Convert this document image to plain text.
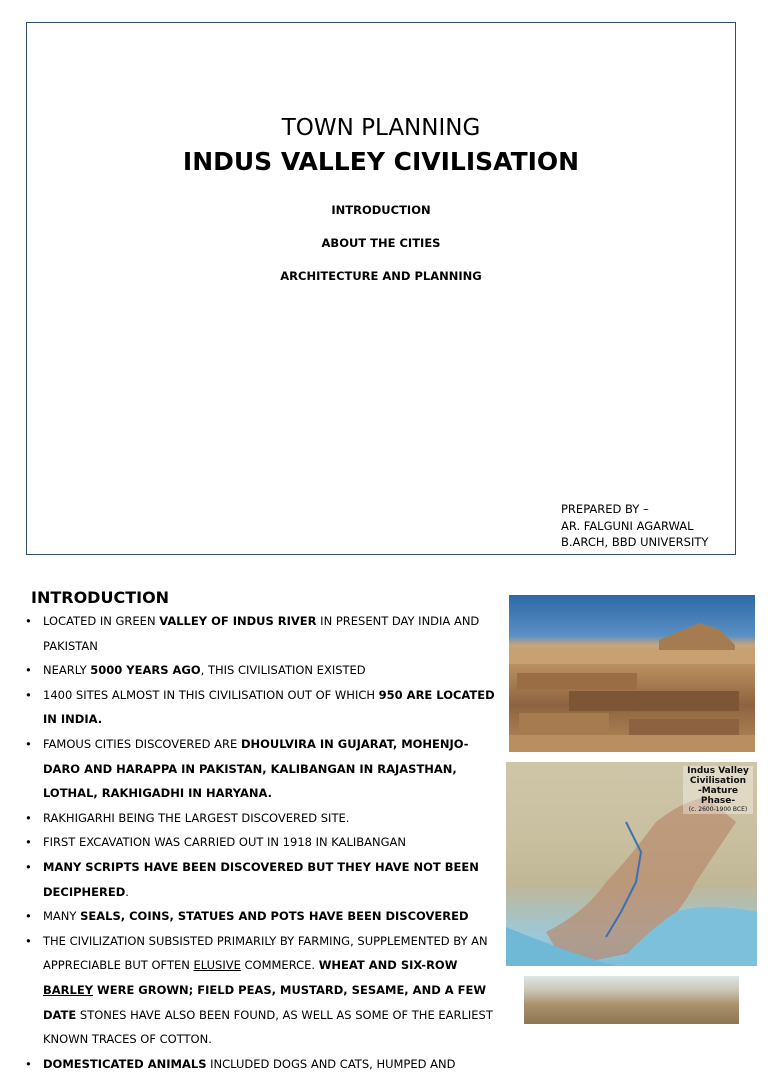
TOWN PLANNING
INDUS VALLEY CIVILISATION
INTRODUCTION
ABOUT THE CITIES
ARCHITECTURE AND PLANNING
PREPARED BY –
AR. FALGUNI AGARWAL
B.ARCH, BBD UNIVERSITY
INTRODUCTION
• LOCATED IN GREEN VALLEY OF INDUS RIVER IN PRESENT DAY INDIA AND PAKISTAN
• NEARLY 5000 YEARS AGO, THIS CIVILISATION EXISTED
• 1400 SITES ALMOST IN THIS CIVILISATION OUT OF WHICH 950 ARE LOCATED IN INDIA.
• FAMOUS CITIES DISCOVERED ARE DHOULVIRA IN GUJARAT, MOHENJO-DARO AND HARAPPA IN PAKISTAN, KALIBANGAN IN RAJASTHAN, LOTHAL, RAKHIGADHI IN HARYANA.
• RAKHIGARHI BEING THE LARGEST DISCOVERED SITE.
• FIRST EXCAVATION WAS CARRIED OUT IN 1918 IN KALIBANGAN
• MANY SCRIPTS HAVE BEEN DISCOVERED BUT THEY HAVE NOT BEEN DECIPHERED.
• MANY SEALS, COINS, STATUES AND POTS HAVE BEEN DISCOVERED
• THE CIVILIZATION SUBSISTED PRIMARILY BY FARMING, SUPPLEMENTED BY AN APPRECIABLE BUT OFTEN ELUSIVE COMMERCE. WHEAT AND SIX-ROW BARLEY WERE GROWN; FIELD PEAS, MUSTARD, SESAME, AND A FEW DATE STONES HAVE ALSO BEEN FOUND, AS WELL AS SOME OF THE EARLIEST KNOWN TRACES OF COTTON.
• DOMESTICATED ANIMALS INCLUDED DOGS AND CATS, HUMPED AND
Indus Valley Civilisation
-Mature Phase-
(c. 2600-1900 BCE)
